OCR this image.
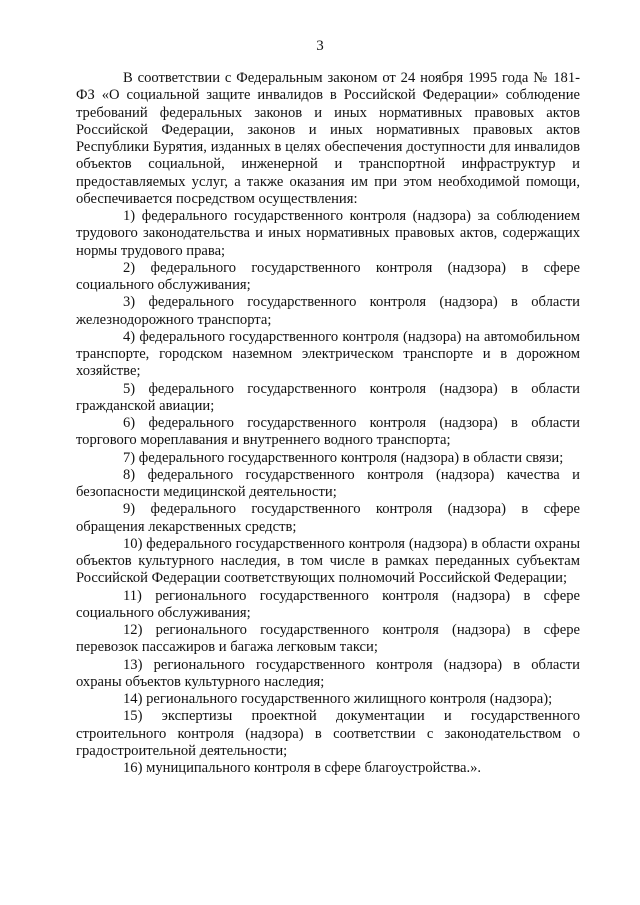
3

В соответствии с Федеральным законом от 24 ноября 1995 года № 181-ФЗ «О социальной защите инвалидов в Российской Федерации» соблюдение требований федеральных законов и иных нормативных правовых актов Российской Федерации, законов и иных нормативных правовых актов Республики Бурятия, изданных в целях обеспечения доступности для инвалидов объектов социальной, инженерной и транспортной инфраструктур и предоставляемых услуг, а также оказания им при этом необходимой помощи, обеспечивается посредством осуществления:

1) федерального государственного контроля (надзора) за соблюдением трудового законодательства и иных нормативных правовых актов, содержащих нормы трудового права;

2) федерального государственного контроля (надзора) в сфере социального обслуживания;

3) федерального государственного контроля (надзора) в области железнодорожного транспорта;

4) федерального государственного контроля (надзора) на автомобильном транспорте, городском наземном электрическом транспорте и в дорожном хозяйстве;

5) федерального государственного контроля (надзора) в области гражданской авиации;

6) федерального государственного контроля (надзора) в области торгового мореплавания и внутреннего водного транспорта;

7) федерального государственного контроля (надзора) в области связи;

8) федерального государственного контроля (надзора) качества и безопасности медицинской деятельности;

9) федерального государственного контроля (надзора) в сфере обращения лекарственных средств;

10) федерального государственного контроля (надзора) в области охраны объектов культурного наследия, в том числе в рамках переданных субъектам Российской Федерации соответствующих полномочий Российской Федерации;

11) регионального государственного контроля (надзора) в сфере социального обслуживания;

12) регионального государственного контроля (надзора) в сфере перевозок пассажиров и багажа легковым такси;

13) регионального государственного контроля (надзора) в области охраны объектов культурного наследия;

14) регионального государственного жилищного контроля (надзора);

15) экспертизы проектной документации и государственного строительного контроля (надзора) в соответствии с законодательством о градостроительной деятельности;

16) муниципального контроля в сфере благоустройства.».
